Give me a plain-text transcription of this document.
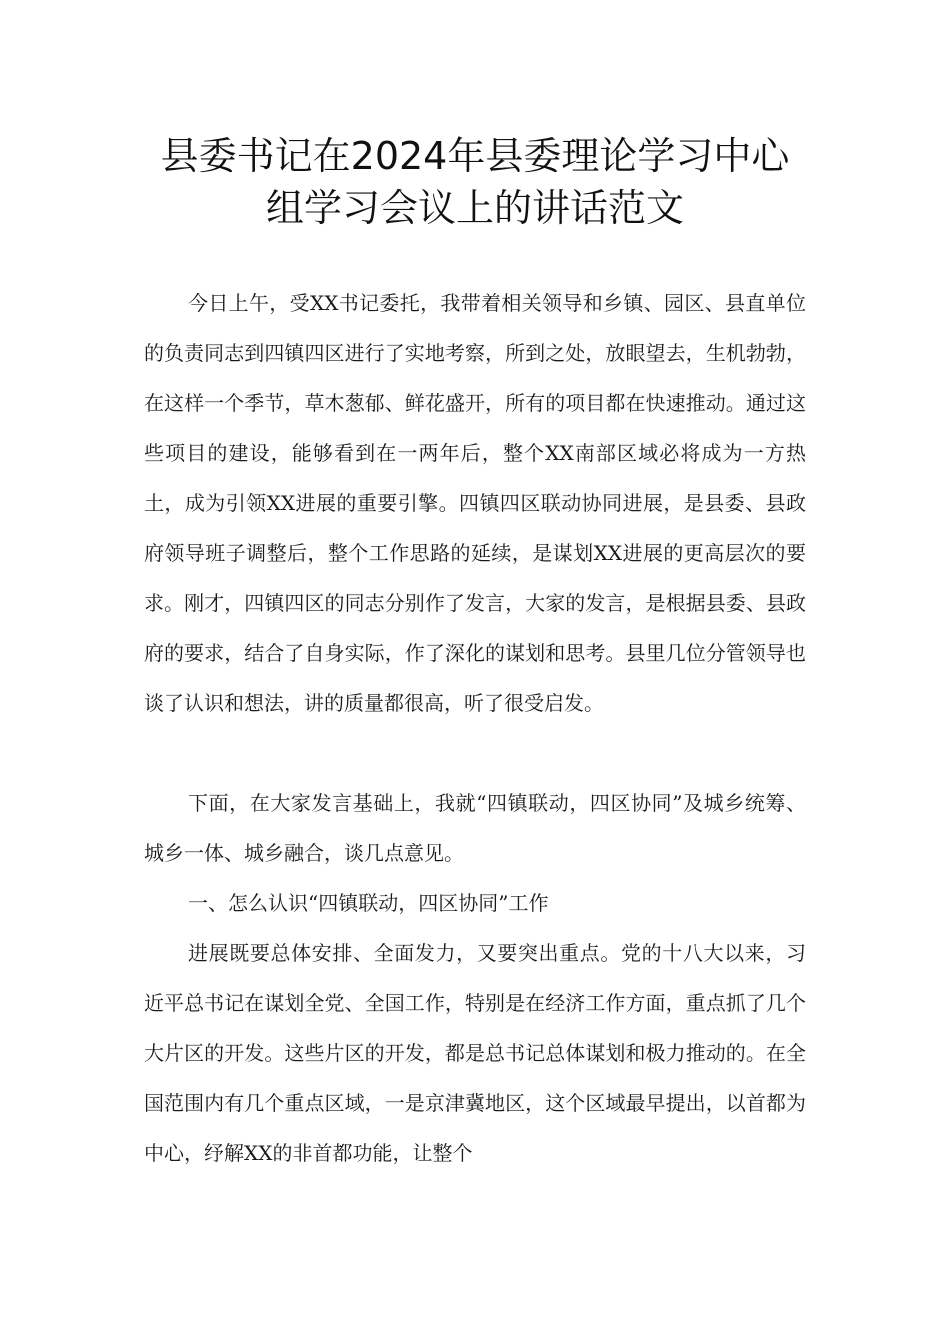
县委书记在2024年县委理论学习中心
组学习会议上的讲话范文

今日上午，受XX书记委托，我带着相关领导和乡镇、园区、县直单位的负责同志到四镇四区进行了实地考察，所到之处，放眼望去，生机勃勃，在这样一个季节，草木葱郁、鲜花盛开，所有的项目都在快速推动。通过这些项目的建设，能够看到在一两年后，整个XX南部区域必将成为一方热土，成为引领XX进展的重要引擎。四镇四区联动协同进展，是县委、县政府领导班子调整后，整个工作思路的延续，是谋划XX进展的更高层次的要求。刚才，四镇四区的同志分别作了发言，大家的发言，是根据县委、县政府的要求，结合了自身实际，作了深化的谋划和思考。县里几位分管领导也谈了认识和想法，讲的质量都很高，听了很受启发。

下面，在大家发言基础上，我就“四镇联动，四区协同”及城乡统筹、城乡一体、城乡融合，谈几点意见。

一、怎么认识“四镇联动，四区协同”工作

进展既要总体安排、全面发力，又要突出重点。党的十八大以来，习近平总书记在谋划全党、全国工作，特别是在经济工作方面，重点抓了几个大片区的开发。这些片区的开发，都是总书记总体谋划和极力推动的。在全国范围内有几个重点区域，一是京津冀地区，这个区域最早提出，以首都为中心，纾解XX的非首都功能，让整个
